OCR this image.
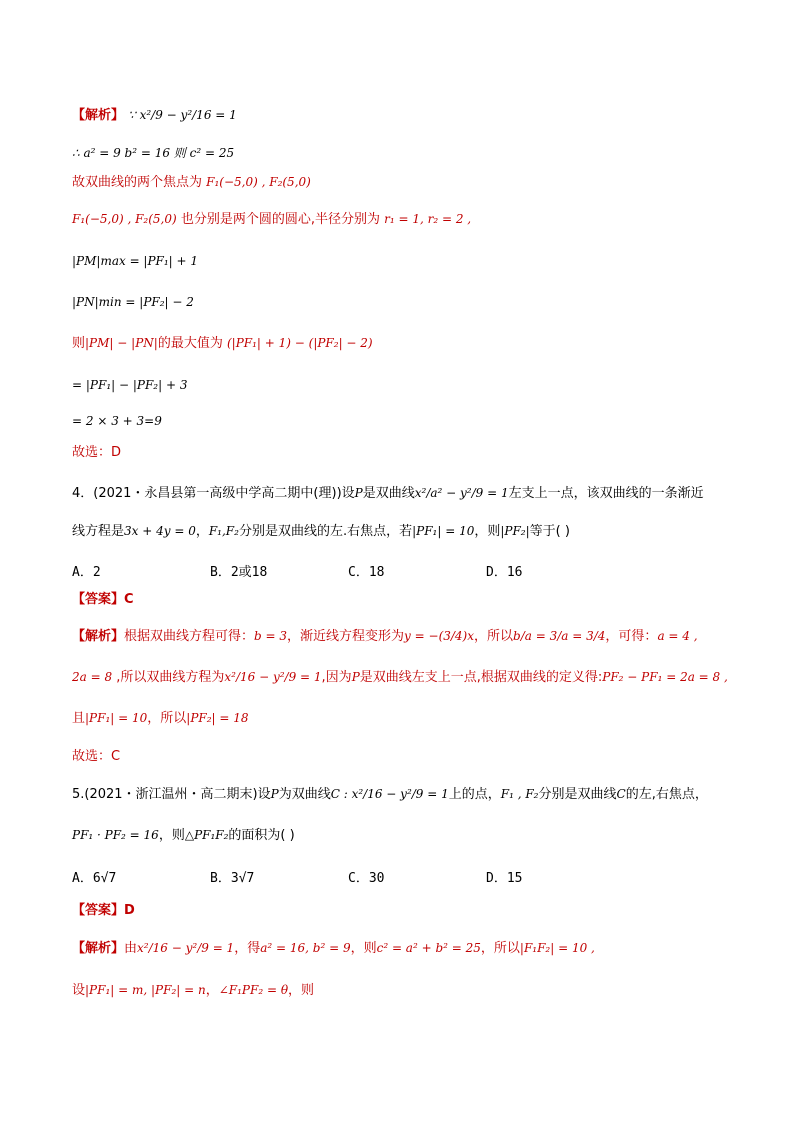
【解析】 ∵ x²/9 − y²/16 = 1
∴ a² = 9 b² = 16 则 c² = 25
故双曲线的两个焦点为 F₁(−5,0) , F₂(5,0)
F₁(−5,0) , F₂(5,0) 也分别是两个圆的圆心,半径分别为 r₁ = 1, r₂ = 2 ,
|PM|max = |PF₁| + 1
|PN|min = |PF₂| − 2
则|PM| − |PN|的最大值为 (|PF₁| + 1) − (|PF₂| − 2)
= |PF₁| − |PF₂| + 3
= 2 × 3 + 3=9
故选：D
4．(2021・永昌县第一高级中学高二期中(理))设P是双曲线x²/a² − y²/9 = 1左支上一点，该双曲线的一条渐近
线方程是3x + 4y = 0，F₁,F₂分别是双曲线的左.右焦点，若|PF₁| = 10，则|PF₂|等于( )
A．2	B．2或18	C．18	D．16
【答案】C
【解析】根据双曲线方程可得：b = 3，渐近线方程变形为y = −(3/4)x，所以b/a = 3/a = 3/4，可得：a = 4 ,
2a = 8 ,所以双曲线方程为x²/16 − y²/9 = 1,因为P是双曲线左支上一点,根据双曲线的定义得:PF₂ − PF₁ = 2a = 8 ,
且|PF₁| = 10，所以|PF₂| = 18
故选：C
5.(2021・浙江温州・高二期末)设P为双曲线C : x²/16 − y²/9 = 1上的点，F₁ , F₂分别是双曲线C的左,右焦点，
PF₁ · PF₂ = 16，则△PF₁F₂的面积为( )
A．6√7	B．3√7	C．30	D．15
【答案】D
【解析】由x²/16 − y²/9 = 1，得a² = 16, b² = 9，则c² = a² + b² = 25，所以|F₁F₂| = 10 ,
设|PF₁| = m, |PF₂| = n，∠F₁PF₂ = θ，则
